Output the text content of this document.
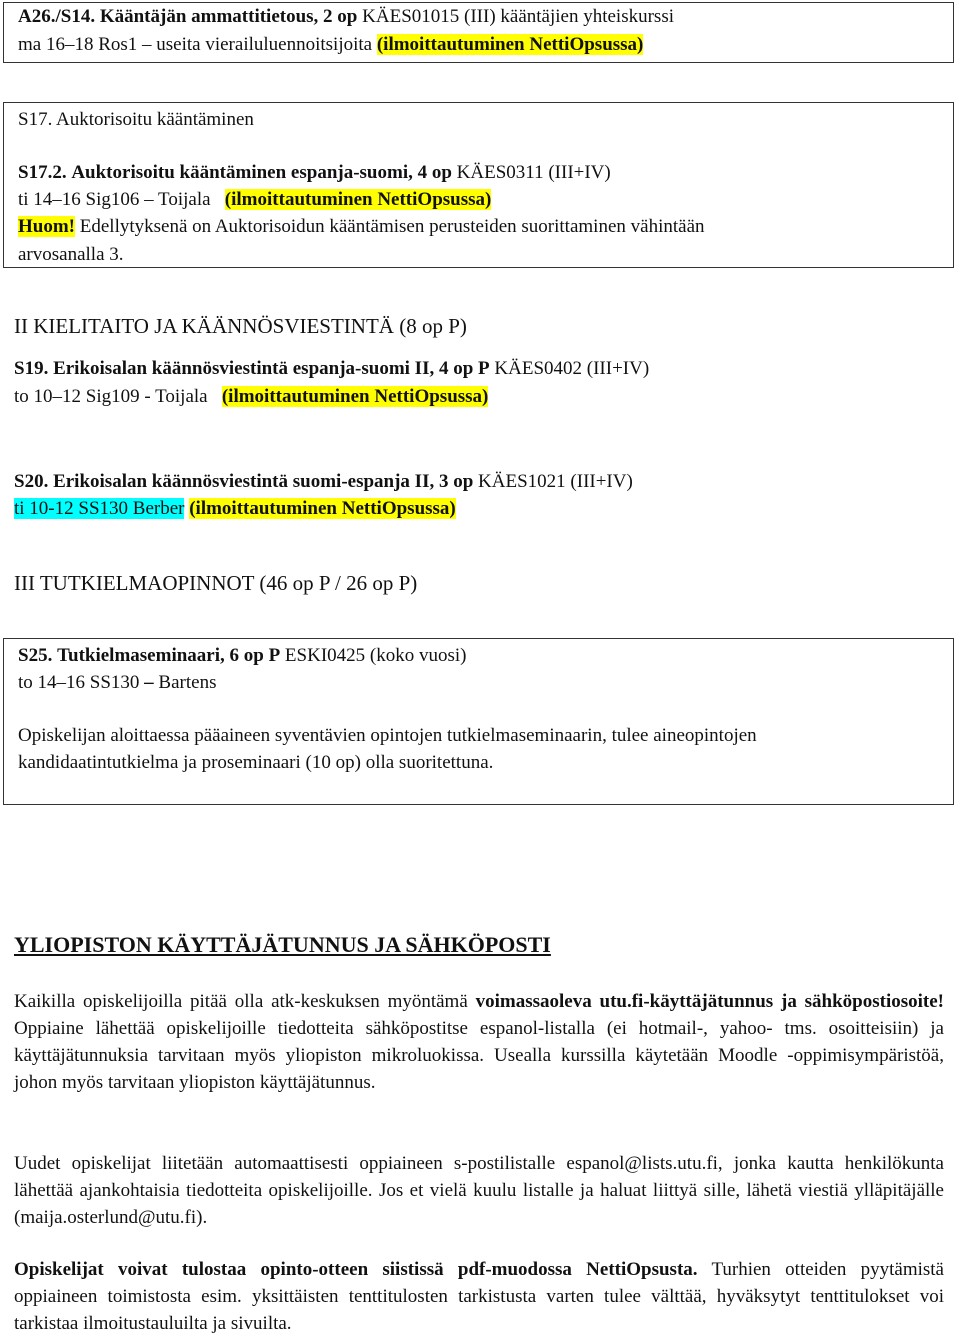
A26./S14. Kääntäjän ammattitietous, 2 op KÄES01015 (III) kääntäjien yhteiskurssi
ma 16–18 Ros1 – useita vierailuluennoitsijoita (ilmoittautuminen NettiOpsussa)
S17. Auktorisoitu kääntäminen
S17.2. Auktorisoitu kääntäminen espanja-suomi, 4 op KÄES0311 (III+IV)
ti 14–16 Sig106 – Toijala (ilmoittautuminen NettiOpsussa)
Huom! Edellytyksenä on Auktorisoidun kääntämisen perusteiden suorittaminen vähintään
arvosanalla 3.
II KIELITAITO JA KÄÄNNÖSVIESTINTÄ (8 op P)
S19. Erikoisalan käännösviestintä espanja-suomi II, 4 op P KÄES0402 (III+IV)
to 10–12 Sig109 - Toijala (ilmoittautuminen NettiOpsussa)
S20. Erikoisalan käännösviestintä suomi-espanja II, 3 op KÄES1021 (III+IV)
ti 10-12 SS130 Berber (ilmoittautuminen NettiOpsussa)
III TUTKIELMAOPINNOT (46 op P / 26 op P)
S25. Tutkielmaseminaari, 6 op P ESKI0425 (koko vuosi)
to 14–16 SS130 – Bartens
Opiskelijan aloittaessa pääaineen syventävien opintojen tutkielmaseminaarin, tulee aineopintojen
kandidaatintutkielma ja proseminaari (10 op) olla suoritettuna.
YLIOPISTON KÄYTTÄJÄTUNNUS JA SÄHKÖPOSTI
Kaikilla opiskelijoilla pitää olla atk-keskuksen myöntämä voimassaoleva utu.fi-käyttäjätunnus ja sähköpostiosoite! Oppiaine lähettää opiskelijoille tiedotteita sähköpostitse espanol-listalla (ei hotmail-, yahoo- tms. osoitteisiin) ja käyttäjätunnuksia tarvitaan myös yliopiston mikroluokissa. Usealla kurssilla käytetään Moodle -oppimisympäristöä, johon myös tarvitaan yliopiston käyttäjätunnus.
Uudet opiskelijat liitetään automaattisesti oppiaineen s-postilistalle espanol@lists.utu.fi, jonka kautta henkilökunta lähettää ajankohtaisia tiedotteita opiskelijoille. Jos et vielä kuulu listalle ja haluat liittyä sille, lähetä viestiä ylläpitäjälle (maija.osterlund@utu.fi).
Opiskelijat voivat tulostaa opinto-otteen siistissä pdf-muodossa NettiOpsusta. Turhien otteiden pyytämistä oppiaineen toimistosta esim. yksittäisten tenttitulosten tarkistusta varten tulee välttää, hyväksytyt tenttitulokset voi tarkistaa ilmoitustauluilta ja sivuilta.
